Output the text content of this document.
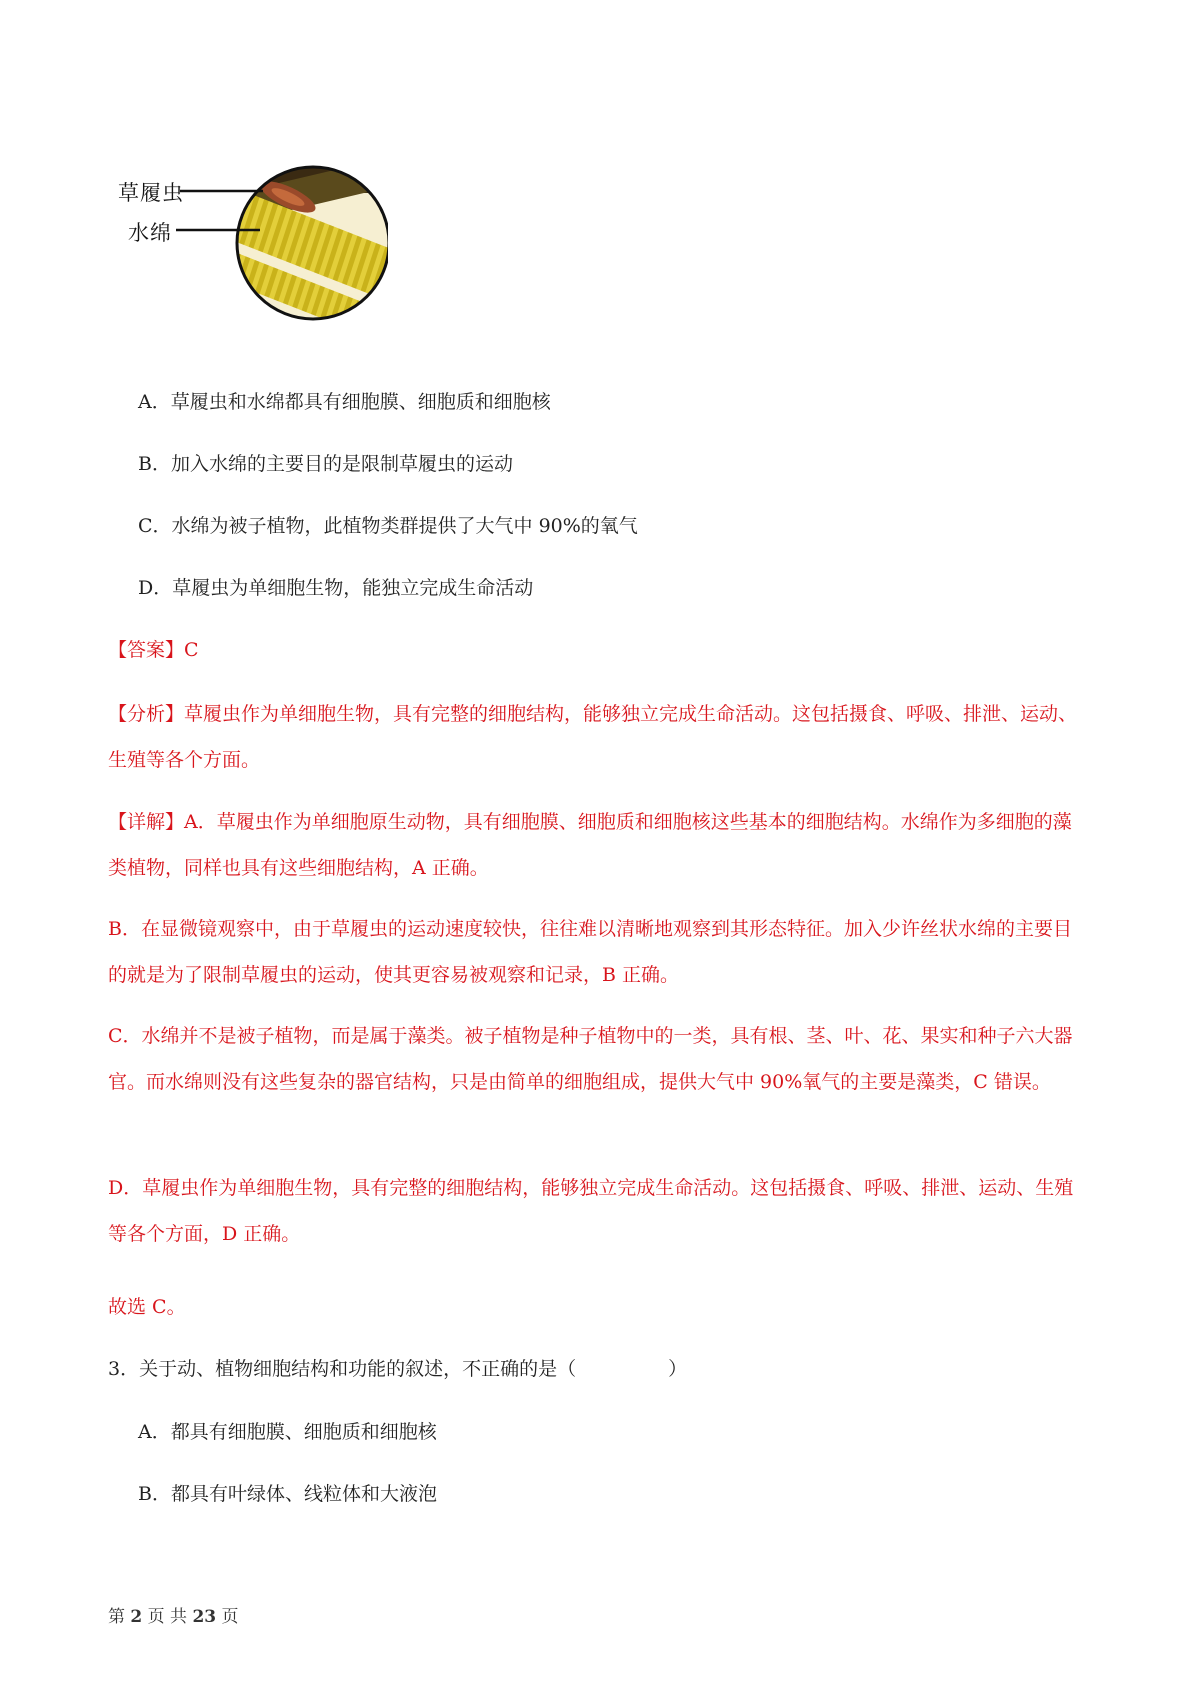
草履虫
水绵
A．草履虫和水绵都具有细胞膜、细胞质和细胞核
B．加入水绵的主要目的是限制草履虫的运动
C．水绵为被子植物，此植物类群提供了大气中 90%的氧气
D．草履虫为单细胞生物，能独立完成生命活动
【答案】C
【分析】草履虫作为单细胞生物，具有完整的细胞结构，能够独立完成生命活动。这包括摄食、呼吸、排泄、运动、生殖等各个方面。
【详解】A．草履虫作为单细胞原生动物，具有细胞膜、细胞质和细胞核这些基本的细胞结构。水绵作为多细胞的藻类植物，同样也具有这些细胞结构，A 正确。
B．在显微镜观察中，由于草履虫的运动速度较快，往往难以清晰地观察到其形态特征。加入少许丝状水绵的主要目的就是为了限制草履虫的运动，使其更容易被观察和记录，B 正确。
C．水绵并不是被子植物，而是属于藻类。被子植物是种子植物中的一类，具有根、茎、叶、花、果实和种子六大器官。而水绵则没有这些复杂的器官结构，只是由简单的细胞组成，提供大气中 90%氧气的主要是藻类，C 错误。
D．草履虫作为单细胞生物，具有完整的细胞结构，能够独立完成生命活动。这包括摄食、呼吸、排泄、运动、生殖等各个方面，D 正确。
故选 C。
3．关于动、植物细胞结构和功能的叙述，不正确的是（	）
A．都具有细胞膜、细胞质和细胞核
B．都具有叶绿体、线粒体和大液泡
第 2 页 共 23 页
